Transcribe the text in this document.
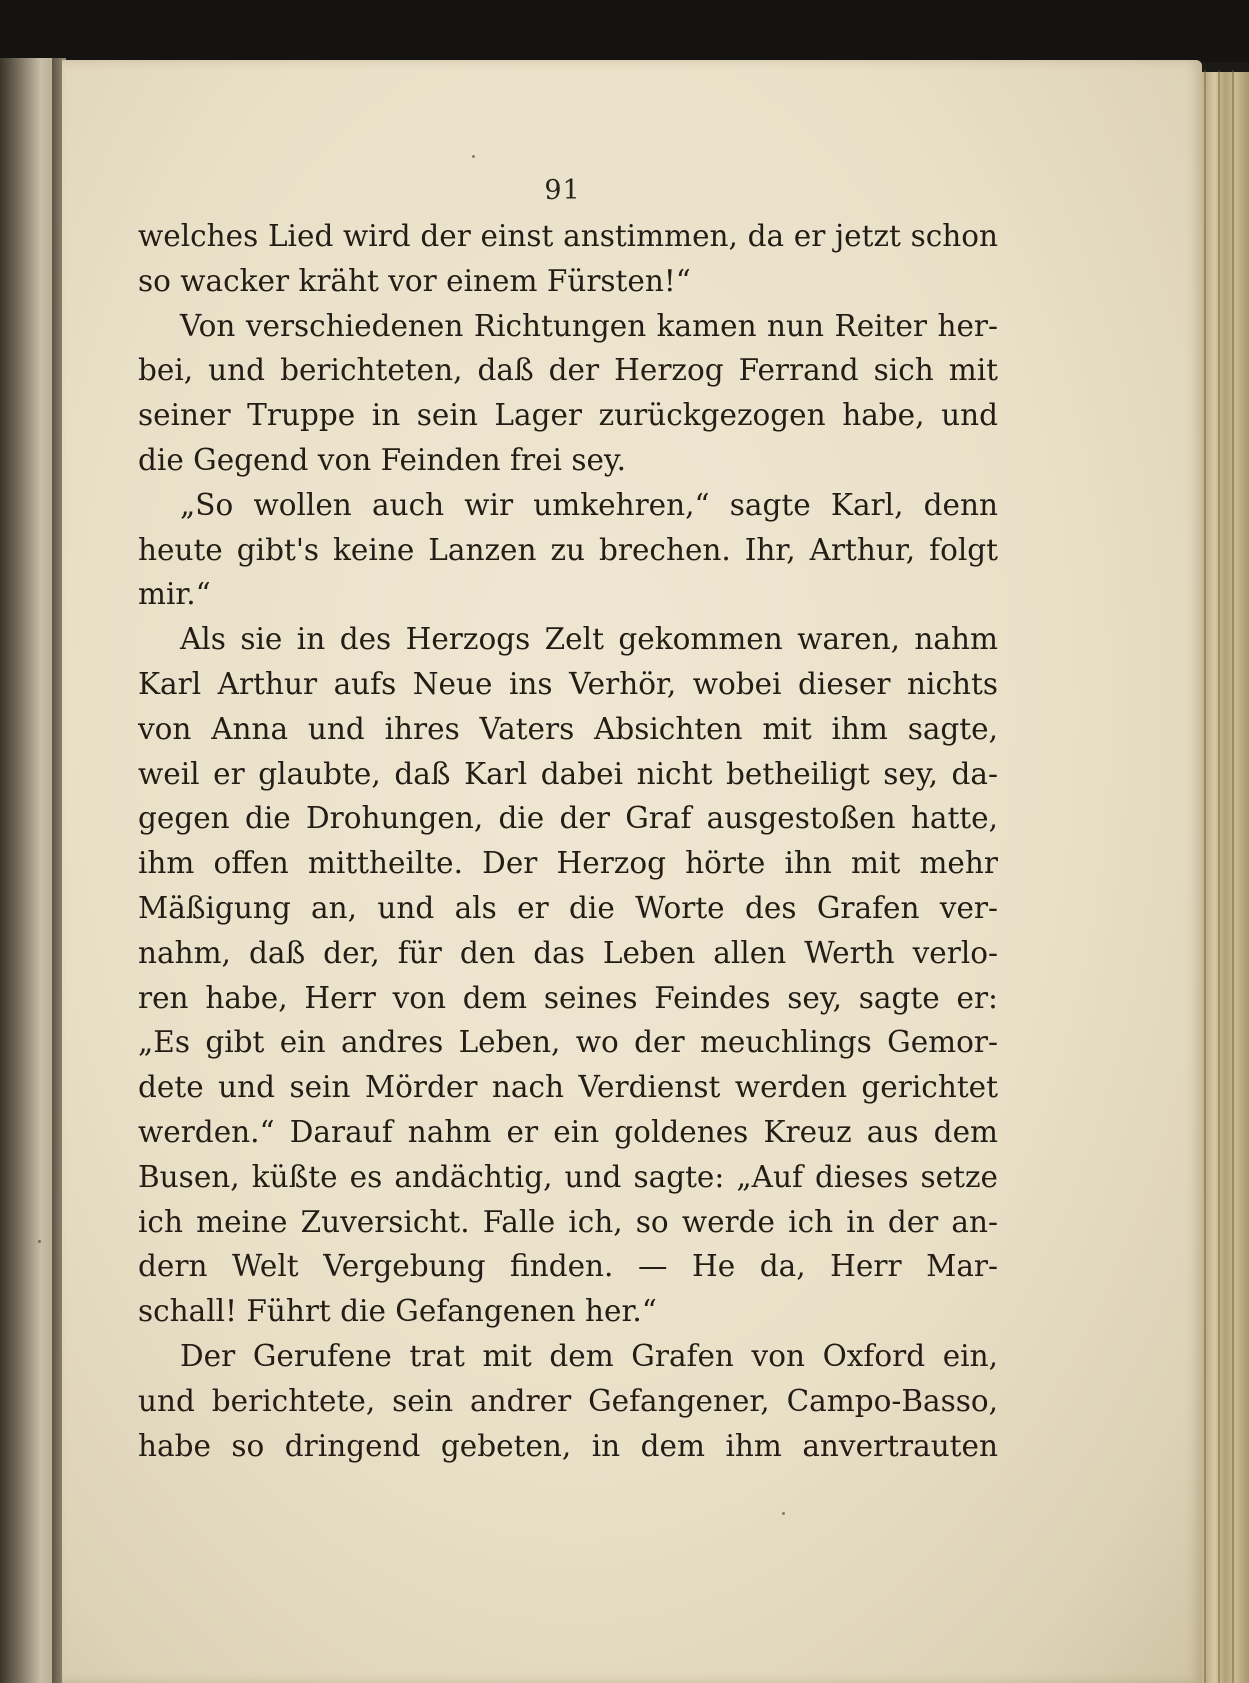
91
welches Lied wird der einst anstimmen, da er jetzt schon
so wacker kräht vor einem Fürsten!“
Von verschiedenen Richtungen kamen nun Reiter her-
bei, und berichteten, daß der Herzog Ferrand sich mit
seiner Truppe in sein Lager zurückgezogen habe, und
die Gegend von Feinden frei sey.
„So wollen auch wir umkehren,“ sagte Karl, denn
heute gibt's keine Lanzen zu brechen. Ihr, Arthur, folgt
mir.“
Als sie in des Herzogs Zelt gekommen waren, nahm
Karl Arthur aufs Neue ins Verhör, wobei dieser nichts
von Anna und ihres Vaters Absichten mit ihm sagte,
weil er glaubte, daß Karl dabei nicht betheiligt sey, da-
gegen die Drohungen, die der Graf ausgestoßen hatte,
ihm offen mittheilte. Der Herzog hörte ihn mit mehr
Mäßigung an, und als er die Worte des Grafen ver-
nahm, daß der, für den das Leben allen Werth verlo-
ren habe, Herr von dem seines Feindes sey, sagte er:
„Es gibt ein andres Leben, wo der meuchlings Gemor-
dete und sein Mörder nach Verdienst werden gerichtet
werden.“ Darauf nahm er ein goldenes Kreuz aus dem
Busen, küßte es andächtig, und sagte: „Auf dieses setze
ich meine Zuversicht. Falle ich, so werde ich in der an-
dern Welt Vergebung finden. — He da, Herr Mar-
schall! Führt die Gefangenen her.“
Der Gerufene trat mit dem Grafen von Oxford ein,
und berichtete, sein andrer Gefangener, Campo-Basso,
habe so dringend gebeten, in dem ihm anvertrauten
